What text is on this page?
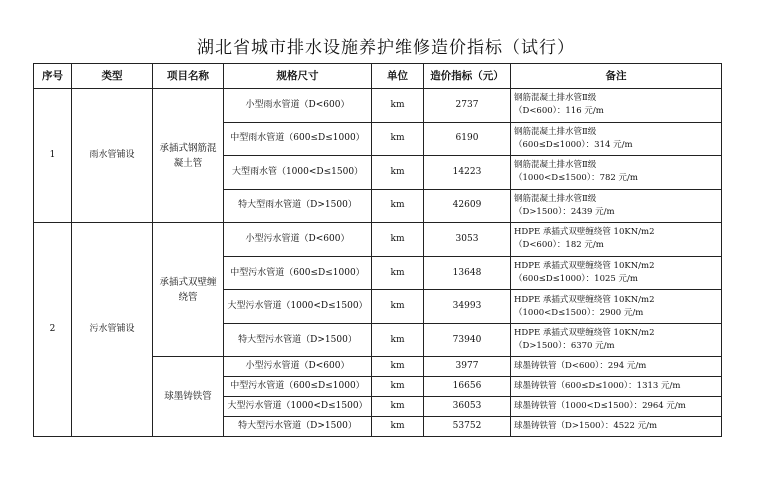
湖北省城市排水设施养护维修造价指标（试行）
序号	类型	项目名称	规格尺寸	单位	造价指标（元）	备注
1	雨水管铺设	承插式钢筋混凝土管	小型雨水管道（D<600）	km	2737	钢筋混凝土排水管Ⅱ级
（D<600）：116 元/m

			中型雨水管道（600≤D≤1000）	km	6190	钢筋混凝土排水管Ⅱ级
（600≤D≤1000）：314 元/m

			大型雨水管（1000<D≤1500）	km	14223	钢筋混凝土排水管Ⅱ级
（1000<D≤1500）：782 元/m

			特大型雨水管道（D>1500）	km	42609	钢筋混凝土排水管Ⅱ级
（D>1500）：2439 元/m

2	污水管铺设	承插式双壁缠绕管	小型污水管道（D<600）	km	3053	HDPE 承插式双壁缠绕管 10KN/m2
（D<600）：182 元/m

			中型污水管道（600≤D≤1000）	km	13648	HDPE 承插式双壁缠绕管 10KN/m2
（600≤D≤1000）：1025 元/m

			大型污水管道（1000<D≤1500）	km	34993	HDPE 承插式双壁缠绕管 10KN/m2
（1000<D≤1500）：2900 元/m

			特大型污水管道（D>1500）	km	73940	HDPE 承插式双壁缠绕管 10KN/m2
（D>1500）：6370 元/m

		球墨铸铁管	小型污水管道（D<600）	km	3977	球墨铸铁管（D<600）：294 元/m

			中型污水管道（600≤D≤1000）	km	16656	球墨铸铁管（600≤D≤1000）：1313 元/m

			大型污水管道（1000<D≤1500）	km	36053	球墨铸铁管（1000<D≤1500）：2964 元/m

			特大型污水管道（D>1500）	km	53752	球墨铸铁管（D>1500）：4522 元/m
